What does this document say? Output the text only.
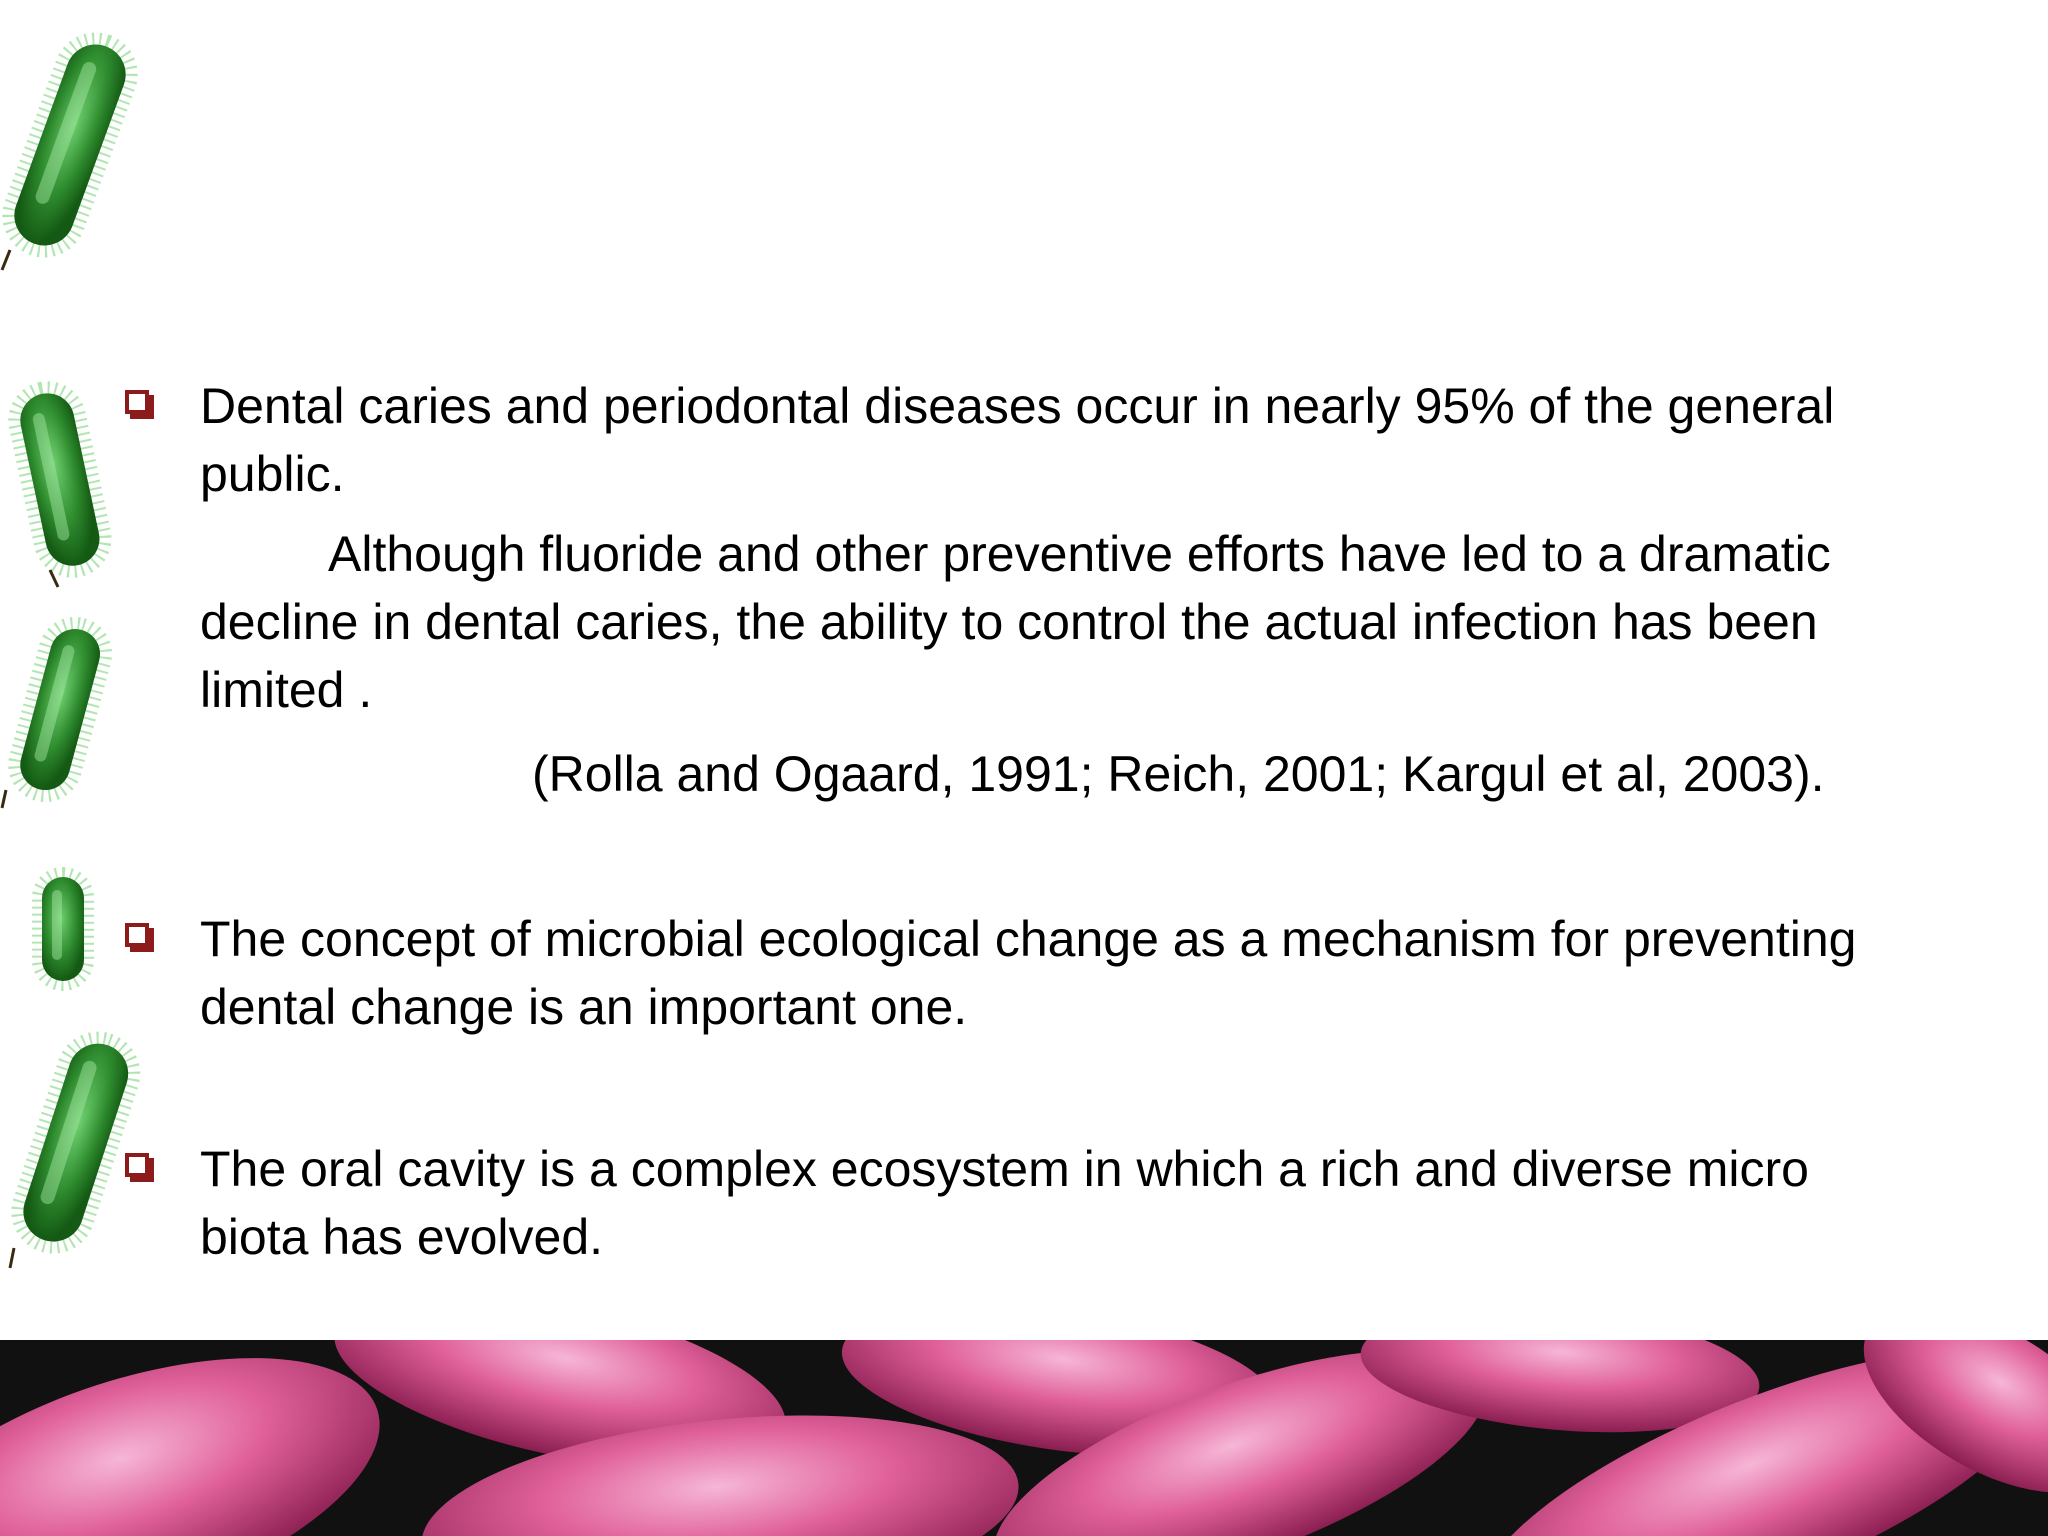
Dental caries and periodontal diseases occur in nearly 95% of the general
public.
Although fluoride and other preventive efforts have led to a dramatic
decline in dental caries, the ability to control the actual infection has been
limited .
(Rolla and Ogaard, 1991; Reich, 2001; Kargul et al, 2003).
The concept of microbial ecological change as a mechanism for preventing
dental change is an important one.
The oral cavity is a complex ecosystem in which a rich and diverse micro
biota has evolved.
